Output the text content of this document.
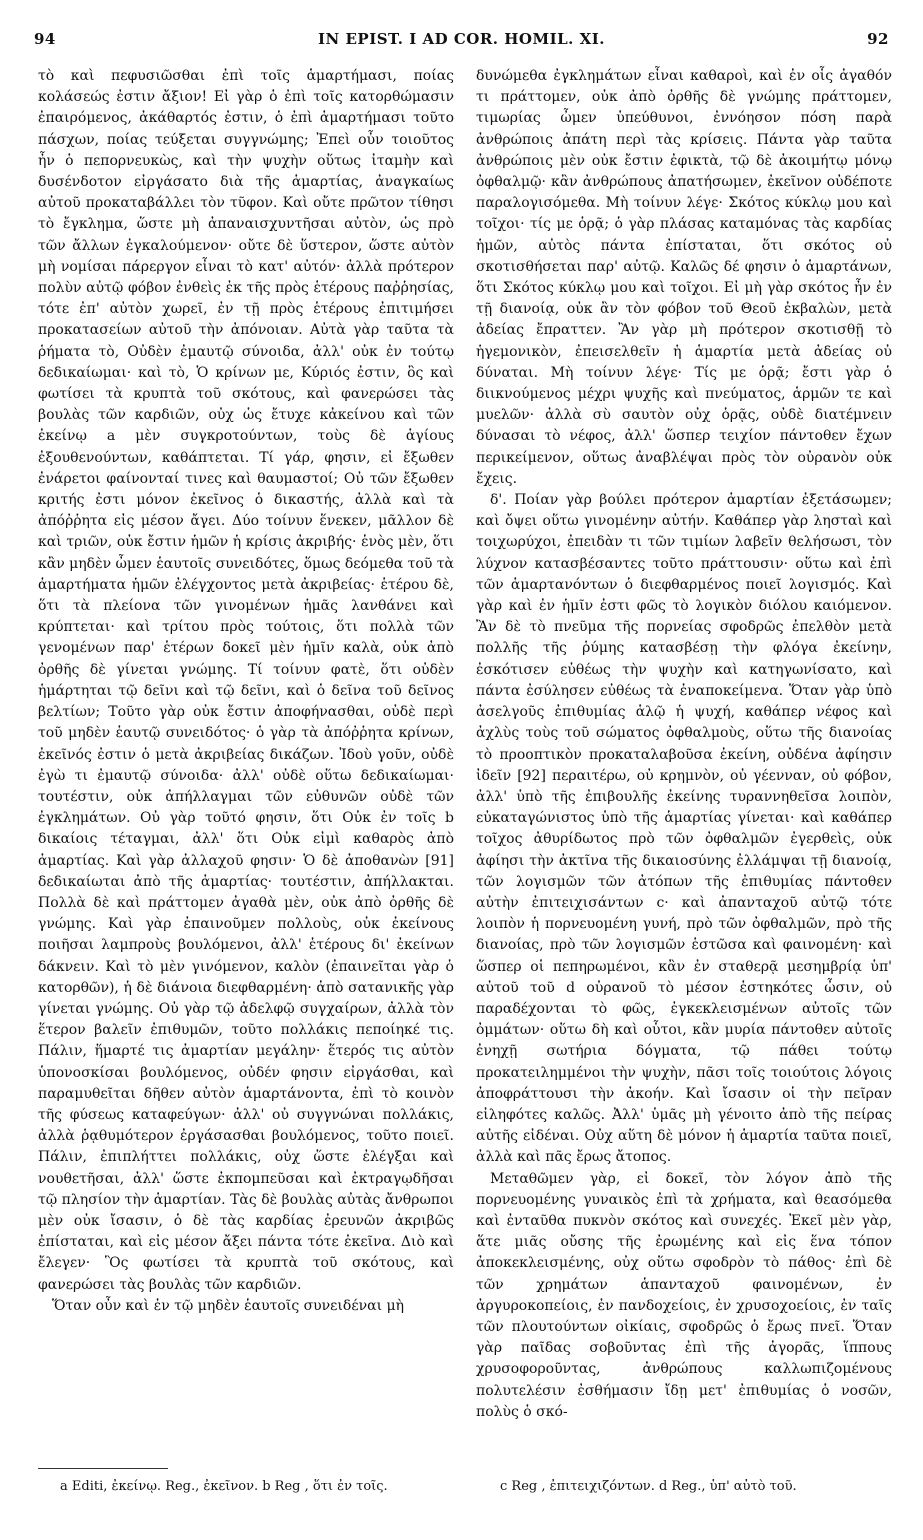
94	IN EPIST. I AD COR. HOMIL. XI.	92

τὸ καὶ πεφυσιῶσθαι ἐπὶ τοῖς ἁμαρτήμασι, ποίας κολάσεώς ἐστιν ἄξιον! Εἰ γὰρ ὁ ἐπὶ τοῖς κατορθώμασιν ἐπαιρόμενος, ἀκάθαρτός ἐστιν, ὁ ἐπὶ ἁμαρτήμασι τοῦτο πάσχων, ποίας τεύξεται συγγνώμης; Ἐπεὶ οὖν τοιοῦτος ἦν ὁ πεπορνευκὼς, καὶ τὴν ψυχὴν οὕτως ἰταμὴν καὶ δυσένδοτον εἰργάσατο διὰ τῆς ἁμαρτίας, ἀναγκαίως αὐτοῦ προκαταβάλλει τὸν τῦφον. Καὶ οὔτε πρῶτον τίθησι τὸ ἔγκλημα, ὥστε μὴ ἀπαναισχυντῆσαι αὐτὸν, ὡς πρὸ τῶν ἄλλων ἐγκαλούμενον· οὔτε δὲ ὕστερον, ὥστε αὐτὸν μὴ νομίσαι πάρεργον εἶναι τὸ κατ' αὐτόν· ἀλλὰ πρότερον πολὺν αὐτῷ φόβον ἐνθεὶς ἐκ τῆς πρὸς ἑτέρους παῤῥησίας, τότε ἐπ' αὐτὸν χωρεῖ, ἐν τῇ πρὸς ἑτέρους ἐπιτιμήσει προκατασείων αὐτοῦ τὴν ἀπόνοιαν. Αὐτὰ γὰρ ταῦτα τὰ ῥήματα τὸ, Οὐδὲν ἐμαυτῷ σύνοιδα, ἀλλ' οὐκ ἐν τούτῳ δεδικαίωμαι· καὶ τὸ, Ὁ κρίνων με, Κύριός ἐστιν, ὃς καὶ φωτίσει τὰ κρυπτὰ τοῦ σκότους, καὶ φανερώσει τὰς βουλὰς τῶν καρδιῶν, οὐχ ὡς ἔτυχε κἀκείνου καὶ τῶν ἐκείνῳ a μὲν συγκροτούντων, τοὺς δὲ ἁγίους ἐξουθενούντων, καθάπτεται. Τί γάρ, φησιν, εἰ ἔξωθεν ἐνάρετοι φαίνονταί τινες καὶ θαυμαστοί; Οὐ τῶν ἔξωθεν κριτής ἐστι μόνον ἐκεῖνος ὁ δικαστής, ἀλλὰ καὶ τὰ ἀπόῤῥητα εἰς μέσον ἄγει. Δύο τοίνυν ἕνεκεν, μᾶλλον δὲ καὶ τριῶν, οὐκ ἔστιν ἡμῶν ἡ κρίσις ἀκριβής· ἑνὸς μὲν, ὅτι κἂν μηδὲν ὦμεν ἑαυτοῖς συνειδότες, ὅμως δεόμεθα τοῦ τὰ ἁμαρτήματα ἡμῶν ἐλέγχοντος μετὰ ἀκριβείας· ἑτέρου δὲ, ὅτι τὰ πλείονα τῶν γινομένων ἡμᾶς λανθάνει καὶ κρύπτεται· καὶ τρίτου πρὸς τούτοις, ὅτι πολλὰ τῶν γενομένων παρ' ἑτέρων δοκεῖ μὲν ἡμῖν καλὰ, οὐκ ἀπὸ ὀρθῆς δὲ γίνεται γνώμης. Τί τοίνυν φατὲ, ὅτι οὐδὲν ἡμάρτηται τῷ δεῖνι καὶ τῷ δεῖνι, καὶ ὁ δεῖνα τοῦ δεῖνος βελτίων; Τοῦτο γὰρ οὐκ ἔστιν ἀποφήνασθαι, οὐδὲ περὶ τοῦ μηδὲν ἑαυτῷ συνειδότος· ὁ γὰρ τὰ ἀπόῤῥητα κρίνων, ἐκεῖνός ἐστιν ὁ μετὰ ἀκριβείας δικάζων. Ἰδοὺ γοῦν, οὐδὲ ἐγὼ τι ἐμαυτῷ σύνοιδα· ἀλλ' οὐδὲ οὕτω δεδικαίωμαι· τουτέστιν, οὐκ ἀπήλλαγμαι τῶν εὐθυνῶν οὐδὲ τῶν ἐγκλημάτων. Οὐ γὰρ τοῦτό φησιν, ὅτι Οὐκ ἐν τοῖς b δικαίοις τέταγμαι, ἀλλ' ὅτι Οὐκ εἰμὶ καθαρὸς ἀπὸ ἁμαρτίας. Καὶ γὰρ ἀλλαχοῦ φησιν· Ὁ δὲ ἀποθανὼν [91] δεδικαίωται ἀπὸ τῆς ἁμαρτίας· τουτέστιν, ἀπήλλακται. Πολλὰ δὲ καὶ πράττομεν ἀγαθὰ μὲν, οὐκ ἀπὸ ὀρθῆς δὲ γνώμης. Καὶ γὰρ ἐπαινοῦμεν πολλοὺς, οὐκ ἐκείνους ποιῆσαι λαμπροὺς βουλόμενοι, ἀλλ' ἑτέρους δι' ἐκείνων δάκνειν. Καὶ τὸ μὲν γινόμενον, καλὸν (ἐπαινεῖται γὰρ ὁ κατορθῶν), ἡ δὲ διάνοια διεφθαρμένη· ἀπὸ σατανικῆς γὰρ γίνεται γνώμης. Οὐ γὰρ τῷ ἀδελφῷ συγχαίρων, ἀλλὰ τὸν ἕτερον βαλεῖν ἐπιθυμῶν, τοῦτο πολλάκις πεποίηκέ τις. Πάλιν, ἥμαρτέ τις ἁμαρτίαν μεγάλην· ἕτερός τις αὐτὸν ὑπονοσκίσαι βουλόμενος, οὐδέν φησιν εἰργάσθαι, καὶ παραμυθεῖται δῆθεν αὐτὸν ἁμαρτάνοντα, ἐπὶ τὸ κοινὸν τῆς φύσεως καταφεύγων· ἀλλ' οὐ συγγνώναι πολλάκις, ἀλλὰ ῥᾳθυμότερον ἐργάσασθαι βουλόμενος, τοῦτο ποιεῖ. Πάλιν, ἐπιπλήττει πολλάκις, οὐχ ὥστε ἐλέγξαι καὶ νουθετῆσαι, ἀλλ' ὥστε ἐκπομπεῦσαι καὶ ἐκτραγῳδῆσαι τῷ πλησίον τὴν ἁμαρτίαν. Τὰς δὲ βουλὰς αὐτὰς ἄνθρωποι μὲν οὐκ ἴσασιν, ὁ δὲ τὰς καρδίας ἐρευνῶν ἀκριβῶς ἐπίσταται, καὶ εἰς μέσον ἄξει πάντα τότε ἐκεῖνα. Διὸ καὶ ἔλεγεν· Ὃς φωτίσει τὰ κρυπτὰ τοῦ σκότους, καὶ φανερώσει τὰς βουλὰς τῶν καρδιῶν.

Ὅταν οὖν καὶ ἐν τῷ μηδὲν ἑαυτοῖς συνειδέναι μὴ

δυνώμεθα ἐγκλημάτων εἶναι καθαροὶ, καὶ ἐν οἷς ἀγαθόν τι πράττομεν, οὐκ ἀπὸ ὀρθῆς δὲ γνώμης πράττομεν, τιμωρίας ὦμεν ὑπεύθυνοι, ἐννόησον πόση παρὰ ἀνθρώποις ἀπάτη περὶ τὰς κρίσεις. Πάντα γὰρ ταῦτα ἀνθρώποις μὲν οὐκ ἔστιν ἐφικτὰ, τῷ δὲ ἀκοιμήτῳ μόνῳ ὀφθαλμῷ· κἂν ἀνθρώπους ἀπατήσωμεν, ἐκεῖνον οὐδέποτε παραλογισόμεθα. Μὴ τοίνυν λέγε· Σκότος κύκλῳ μου καὶ τοῖχοι· τίς με ὁρᾷ; ὁ γὰρ πλάσας καταμόνας τὰς καρδίας ἡμῶν, αὐτὸς πάντα ἐπίσταται, ὅτι σκότος οὐ σκοτισθήσεται παρ' αὐτῷ. Καλῶς δέ φησιν ὁ ἁμαρτάνων, ὅτι Σκότος κύκλῳ μου καὶ τοῖχοι. Εἰ μὴ γὰρ σκότος ἦν ἐν τῇ διανοίᾳ, οὐκ ἂν τὸν φόβον τοῦ Θεοῦ ἐκβαλὼν, μετὰ ἀδείας ἔπραττεν. Ἂν γὰρ μὴ πρότερον σκοτισθῇ τὸ ἡγεμονικὸν, ἐπεισελθεῖν ἡ ἁμαρτία μετὰ ἀδείας οὐ δύναται. Μὴ τοίνυν λέγε· Τίς με ὁρᾷ; ἔστι γὰρ ὁ διικνούμενος μέχρι ψυχῆς καὶ πνεύματος, ἁρμῶν τε καὶ μυελῶν· ἀλλὰ σὺ σαυτὸν οὐχ ὁρᾷς, οὐδὲ διατέμνειν δύνασαι τὸ νέφος, ἀλλ' ὥσπερ τειχίον πάντοθεν ἔχων περικείμενον, οὕτως ἀναβλέψαι πρὸς τὸν οὐρανὸν οὐκ ἔχεις.

δ'. Ποίαν γὰρ βούλει πρότερον ἁμαρτίαν ἐξετάσωμεν; καὶ ὄψει οὕτω γινομένην αὐτήν. Καθάπερ γὰρ λησταὶ καὶ τοιχωρύχοι, ἐπειδὰν τι τῶν τιμίων λαβεῖν θελήσωσι, τὸν λύχνον κατασβέσαντες τοῦτο πράττουσιν· οὕτω καὶ ἐπὶ τῶν ἁμαρτανόντων ὁ διεφθαρμένος ποιεῖ λογισμός. Καὶ γὰρ καὶ ἐν ἡμῖν ἐστι φῶς τὸ λογικὸν διόλου καιόμενον. Ἂν δὲ τὸ πνεῦμα τῆς πορνείας σφοδρῶς ἐπελθὸν μετὰ πολλῆς τῆς ῥύμης κατασβέσῃ τὴν φλόγα ἐκείνην, ἐσκότισεν εὐθέως τὴν ψυχὴν καὶ κατηγωνίσατο, καὶ πάντα ἐσύλησεν εὐθέως τὰ ἐναποκείμενα. Ὅταν γὰρ ὑπὸ ἀσελγοῦς ἐπιθυμίας ἁλῷ ἡ ψυχή, καθάπερ νέφος καὶ ἀχλὺς τοὺς τοῦ σώματος ὀφθαλμοὺς, οὕτω τῆς διανοίας τὸ προοπτικὸν προκαταλαβοῦσα ἐκείνη, οὐδένα ἀφίησιν ἰδεῖν [92] περαιτέρω, οὐ κρημνὸν, οὐ γέενναν, οὐ φόβον, ἀλλ' ὑπὸ τῆς ἐπιβουλῆς ἐκείνης τυραννηθεῖσα λοιπὸν, εὐκαταγώνιστος ὑπὸ τῆς ἁμαρτίας γίνεται· καὶ καθάπερ τοῖχος ἀθυρίδωτος πρὸ τῶν ὀφθαλμῶν ἐγερθεὶς, οὐκ ἀφίησι τὴν ἀκτῖνα τῆς δικαιοσύνης ἐλλάμψαι τῇ διανοίᾳ, τῶν λογισμῶν τῶν ἀτόπων τῆς ἐπιθυμίας πάντοθεν αὐτὴν ἐπιτειχισάντων c· καὶ ἀπανταχοῦ αὐτῷ τότε λοιπὸν ἡ πορνευομένη γυνή, πρὸ τῶν ὀφθαλμῶν, πρὸ τῆς διανοίας, πρὸ τῶν λογισμῶν ἑστῶσα καὶ φαινομένη· καὶ ὥσπερ οἱ πεπηρωμένοι, κἂν ἐν σταθερᾷ μεσημβρίᾳ ὑπ' αὐτοῦ τοῦ d οὐρανοῦ τὸ μέσον ἑστηκότες ὦσιν, οὐ παραδέχονται τὸ φῶς, ἐγκεκλεισμένων αὐτοῖς τῶν ὀμμάτων· οὕτω δὴ καὶ οὗτοι, κἂν μυρία πάντοθεν αὐτοῖς ἐνηχῇ σωτήρια δόγματα, τῷ πάθει τούτῳ προκατειλημμένοι τὴν ψυχὴν, πᾶσι τοῖς τοιούτοις λόγοις ἀποφράττουσι τὴν ἀκοήν. Καὶ ἴσασιν οἱ τὴν πεῖραν εἰληφότες καλῶς. Ἀλλ' ὑμᾶς μὴ γένοιτο ἀπὸ τῆς πείρας αὐτῆς εἰδέναι. Οὐχ αὕτη δὲ μόνον ἡ ἁμαρτία ταῦτα ποιεῖ, ἀλλὰ καὶ πᾶς ἔρως ἄτοπος.

Μεταθῶμεν γὰρ, εἰ δοκεῖ, τὸν λόγον ἀπὸ τῆς πορνευομένης γυναικὸς ἐπὶ τὰ χρήματα, καὶ θεασόμεθα καὶ ἐνταῦθα πυκνὸν σκότος καὶ συνεχές. Ἐκεῖ μὲν γὰρ, ἅτε μιᾶς οὔσης τῆς ἐρωμένης καὶ εἰς ἕνα τόπον ἀποκεκλεισμένης, οὐχ οὕτω σφοδρὸν τὸ πάθος· ἐπὶ δὲ τῶν χρημάτων ἁπανταχοῦ φαινομένων, ἐν ἀργυροκοπείοις, ἐν πανδοχείοις, ἐν χρυσοχοείοις, ἐν ταῖς τῶν πλουτούντων οἰκίαις, σφοδρῶς ὁ ἔρως πνεῖ. Ὅταν γὰρ παῖδας σοβοῦντας ἐπὶ τῆς ἀγορᾶς, ἵππους χρυσοφοροῦντας, ἀνθρώπους καλλωπιζομένους πολυτελέσιν ἐσθήμασιν ἴδῃ μετ' ἐπιθυμίας ὁ νοσῶν, πολὺς ὁ σκό-

a Editi, ἐκείνῳ. Reg., ἐκεῖνον. b Reg , ὅτι ἐν τοῖς.	c Reg , ἐπιτειχιζόντων. d Reg., ὑπ' αὐτὸ τοῦ.
